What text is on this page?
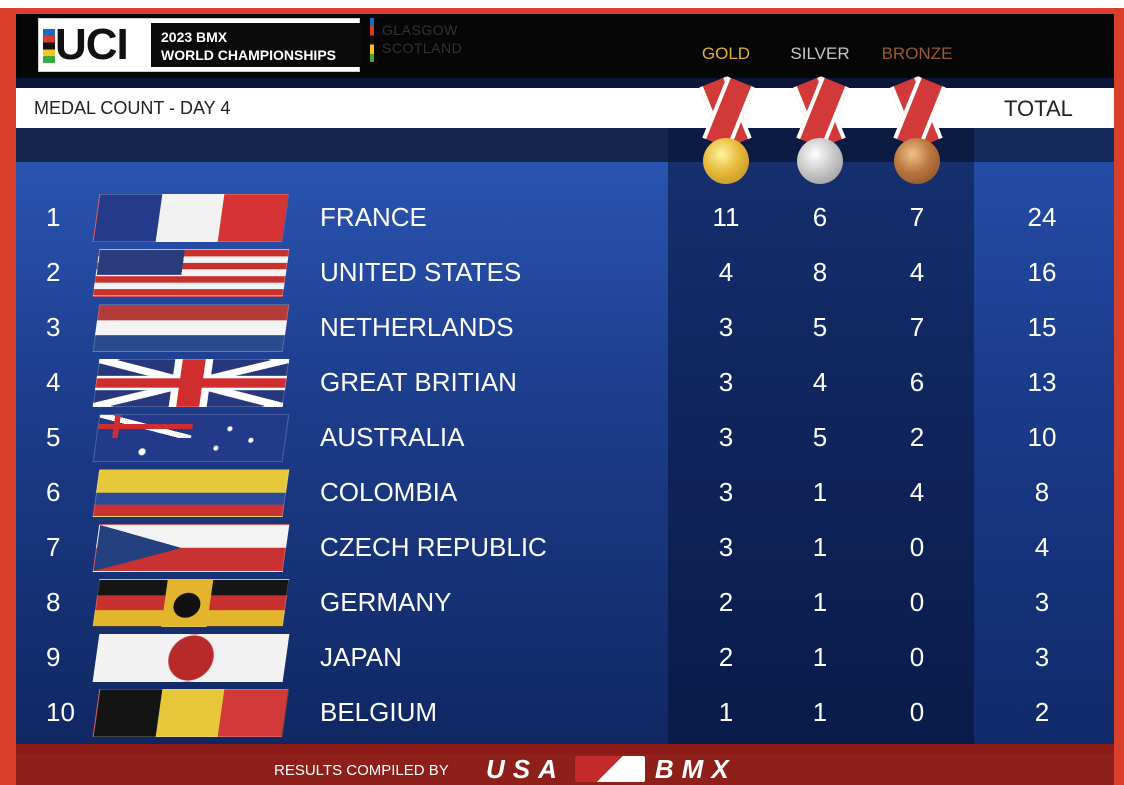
UCI 2023 BMX
WORLD CHAMPIONSHIPS
GLASGOW
SCOTLAND	GOLD	SILVER	BRONZE
MEDAL COUNT - DAY 4	TOTAL
1	FRANCE	11	6	7	24
2	UNITED STATES	4	8	4	16
3	NETHERLANDS	3	5	7	15
4	GREAT BRITIAN	3	4	6	13
5	AUSTRALIA	3	5	2	10
6	COLOMBIA	3	1	4	8
7	CZECH REPUBLIC	3	1	0	4
8	GERMANY	2	1	0	3
9	JAPAN	2	1	0	3
10	BELGIUM	1	1	0	2
RESULTS COMPILED BY USA	BMX
